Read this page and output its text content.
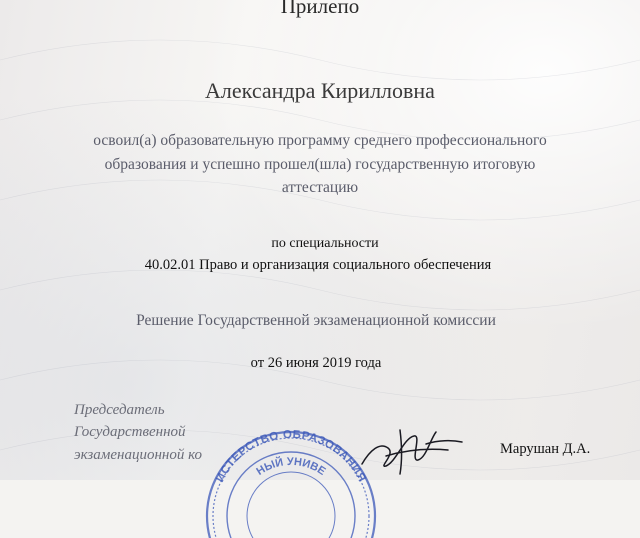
Прилепо
Александра Кирилловна
освоил(а) образовательную программу среднего профессионального
образования и успешно прошел(шла) государственную итоговую
аттестацию
по специальности
40.02.01 Право и организация социального обеспечения
Решение Государственной экзаменационной комиссии
от 26 июня 2019 года
Председатель
Государственной
экзаменационной ко
ИСТЕРСТВО ОБРАЗОВАНИЯ
НЫЙ УНИВЕ
Марушан Д.А.
